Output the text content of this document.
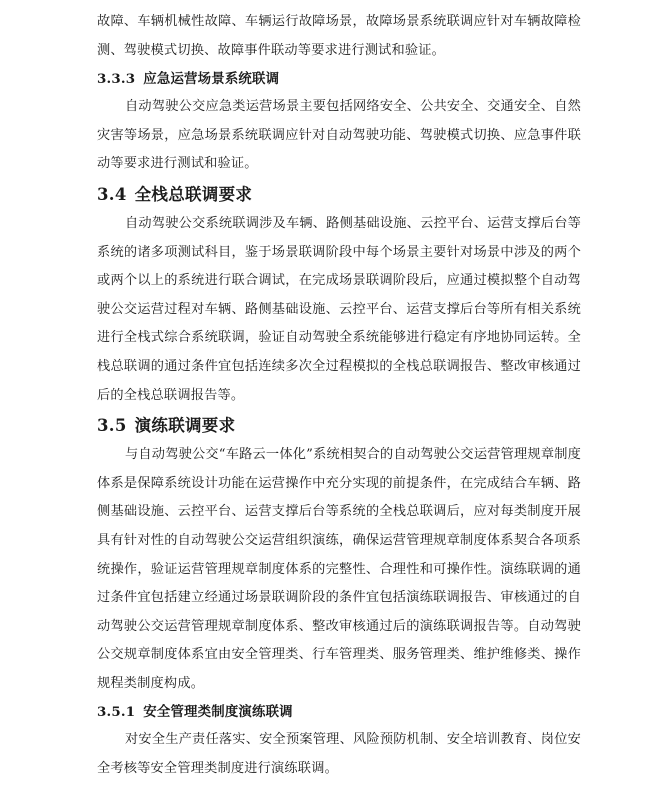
故障、车辆机械性故障、车辆运行故障场景，故障场景系统联调应针对车辆故障检测、驾驶模式切换、故障事件联动等要求进行测试和验证。

3.3.3 应急运营场景系统联调

自动驾驶公交应急类运营场景主要包括网络安全、公共安全、交通安全、自然灾害等场景，应急场景系统联调应针对自动驾驶功能、驾驶模式切换、应急事件联动等要求进行测试和验证。

3.4 全栈总联调要求

自动驾驶公交系统联调涉及车辆、路侧基础设施、云控平台、运营支撑后台等系统的诸多项测试科目，鉴于场景联调阶段中每个场景主要针对场景中涉及的两个或两个以上的系统进行联合调试，在完成场景联调阶段后，应通过模拟整个自动驾驶公交运营过程对车辆、路侧基础设施、云控平台、运营支撑后台等所有相关系统进行全栈式综合系统联调，验证自动驾驶全系统能够进行稳定有序地协同运转。全栈总联调的通过条件宜包括连续多次全过程模拟的全栈总联调报告、整改审核通过后的全栈总联调报告等。

3.5 演练联调要求

与自动驾驶公交“车路云一体化”系统相契合的自动驾驶公交运营管理规章制度体系是保障系统设计功能在运营操作中充分实现的前提条件，在完成结合车辆、路侧基础设施、云控平台、运营支撑后台等系统的全栈总联调后，应对每类制度开展具有针对性的自动驾驶公交运营组织演练，确保运营管理规章制度体系契合各项系统操作，验证运营管理规章制度体系的完整性、合理性和可操作性。演练联调的通过条件宜包括建立经通过场景联调阶段的条件宜包括演练联调报告、审核通过的自动驾驶公交运营管理规章制度体系、整改审核通过后的演练联调报告等。自动驾驶公交规章制度体系宜由安全管理类、行车管理类、服务管理类、维护维修类、操作规程类制度构成。

3.5.1 安全管理类制度演练联调

对安全生产责任落实、安全预案管理、风险预防机制、安全培训教育、岗位安全考核等安全管理类制度进行演练联调。
